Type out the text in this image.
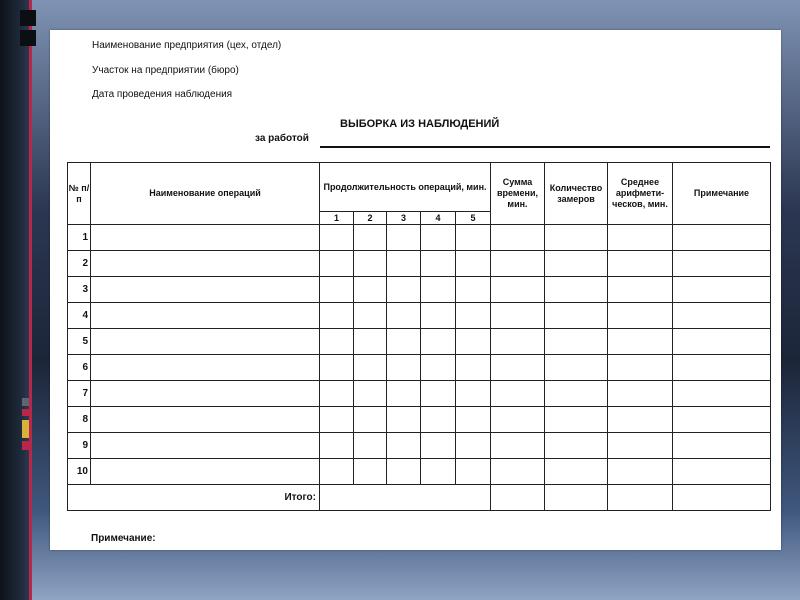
Наименование предприятия (цех, отдел)
Участок на предприятии (бюро)
Дата проведения наблюдения
ВЫБОРКА ИЗ НАБЛЮДЕНИЙ
за работой
№ п/п	Наименование операций	Продолжительность операций, мин.					Сумма времени, мин.	Количество замеров	Среднее арифмети-ческов, мин.	Примечание
		1	2	3	4	5				
1										
2										
3										
4										
5										
6										
7										
8										
9										
10										
Итого:										
Примечание:
